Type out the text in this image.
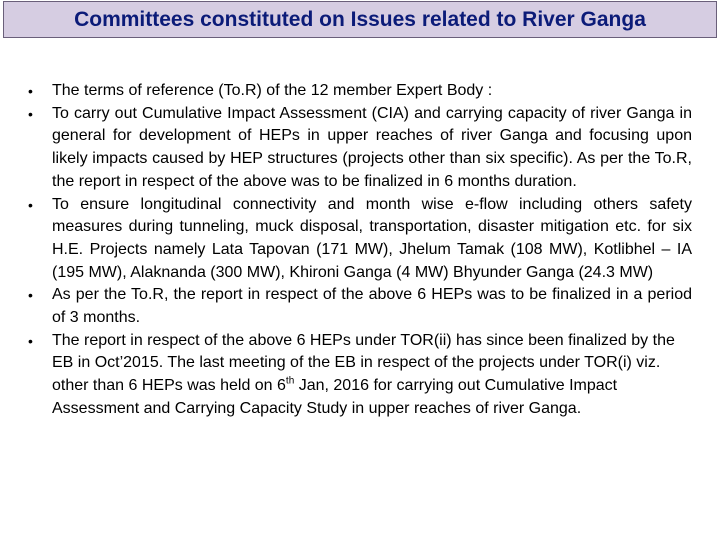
Committees constituted on Issues related to River Ganga
•	The terms of reference (To.R) of the 12 member Expert Body :
•	To carry out Cumulative Impact Assessment (CIA) and carrying capacity of river Ganga in general for development of HEPs in upper reaches of river Ganga and focusing upon likely impacts caused by HEP structures (projects other than six specific). As per the To.R, the report in respect of the above was to be finalized in 6 months duration.
•	To ensure longitudinal connectivity and month wise e-flow including others safety measures during tunneling, muck disposal, transportation, disaster mitigation etc. for six H.E. Projects namely Lata Tapovan (171 MW), Jhelum Tamak (108 MW), Kotlibhel – IA (195 MW), Alaknanda (300 MW), Khironi Ganga (4 MW) Bhyunder Ganga (24.3 MW)
•	As per the To.R, the report in respect of the above 6 HEPs was to be finalized in a period of 3 months.
•	The report in respect of the above 6 HEPs under TOR(ii) has since been finalized by the EB in Oct’2015. The last meeting of the EB in respect of the projects under TOR(i) viz. other than 6 HEPs was held on 6th Jan, 2016 for carrying out Cumulative Impact Assessment and Carrying Capacity Study in upper reaches of river Ganga.
